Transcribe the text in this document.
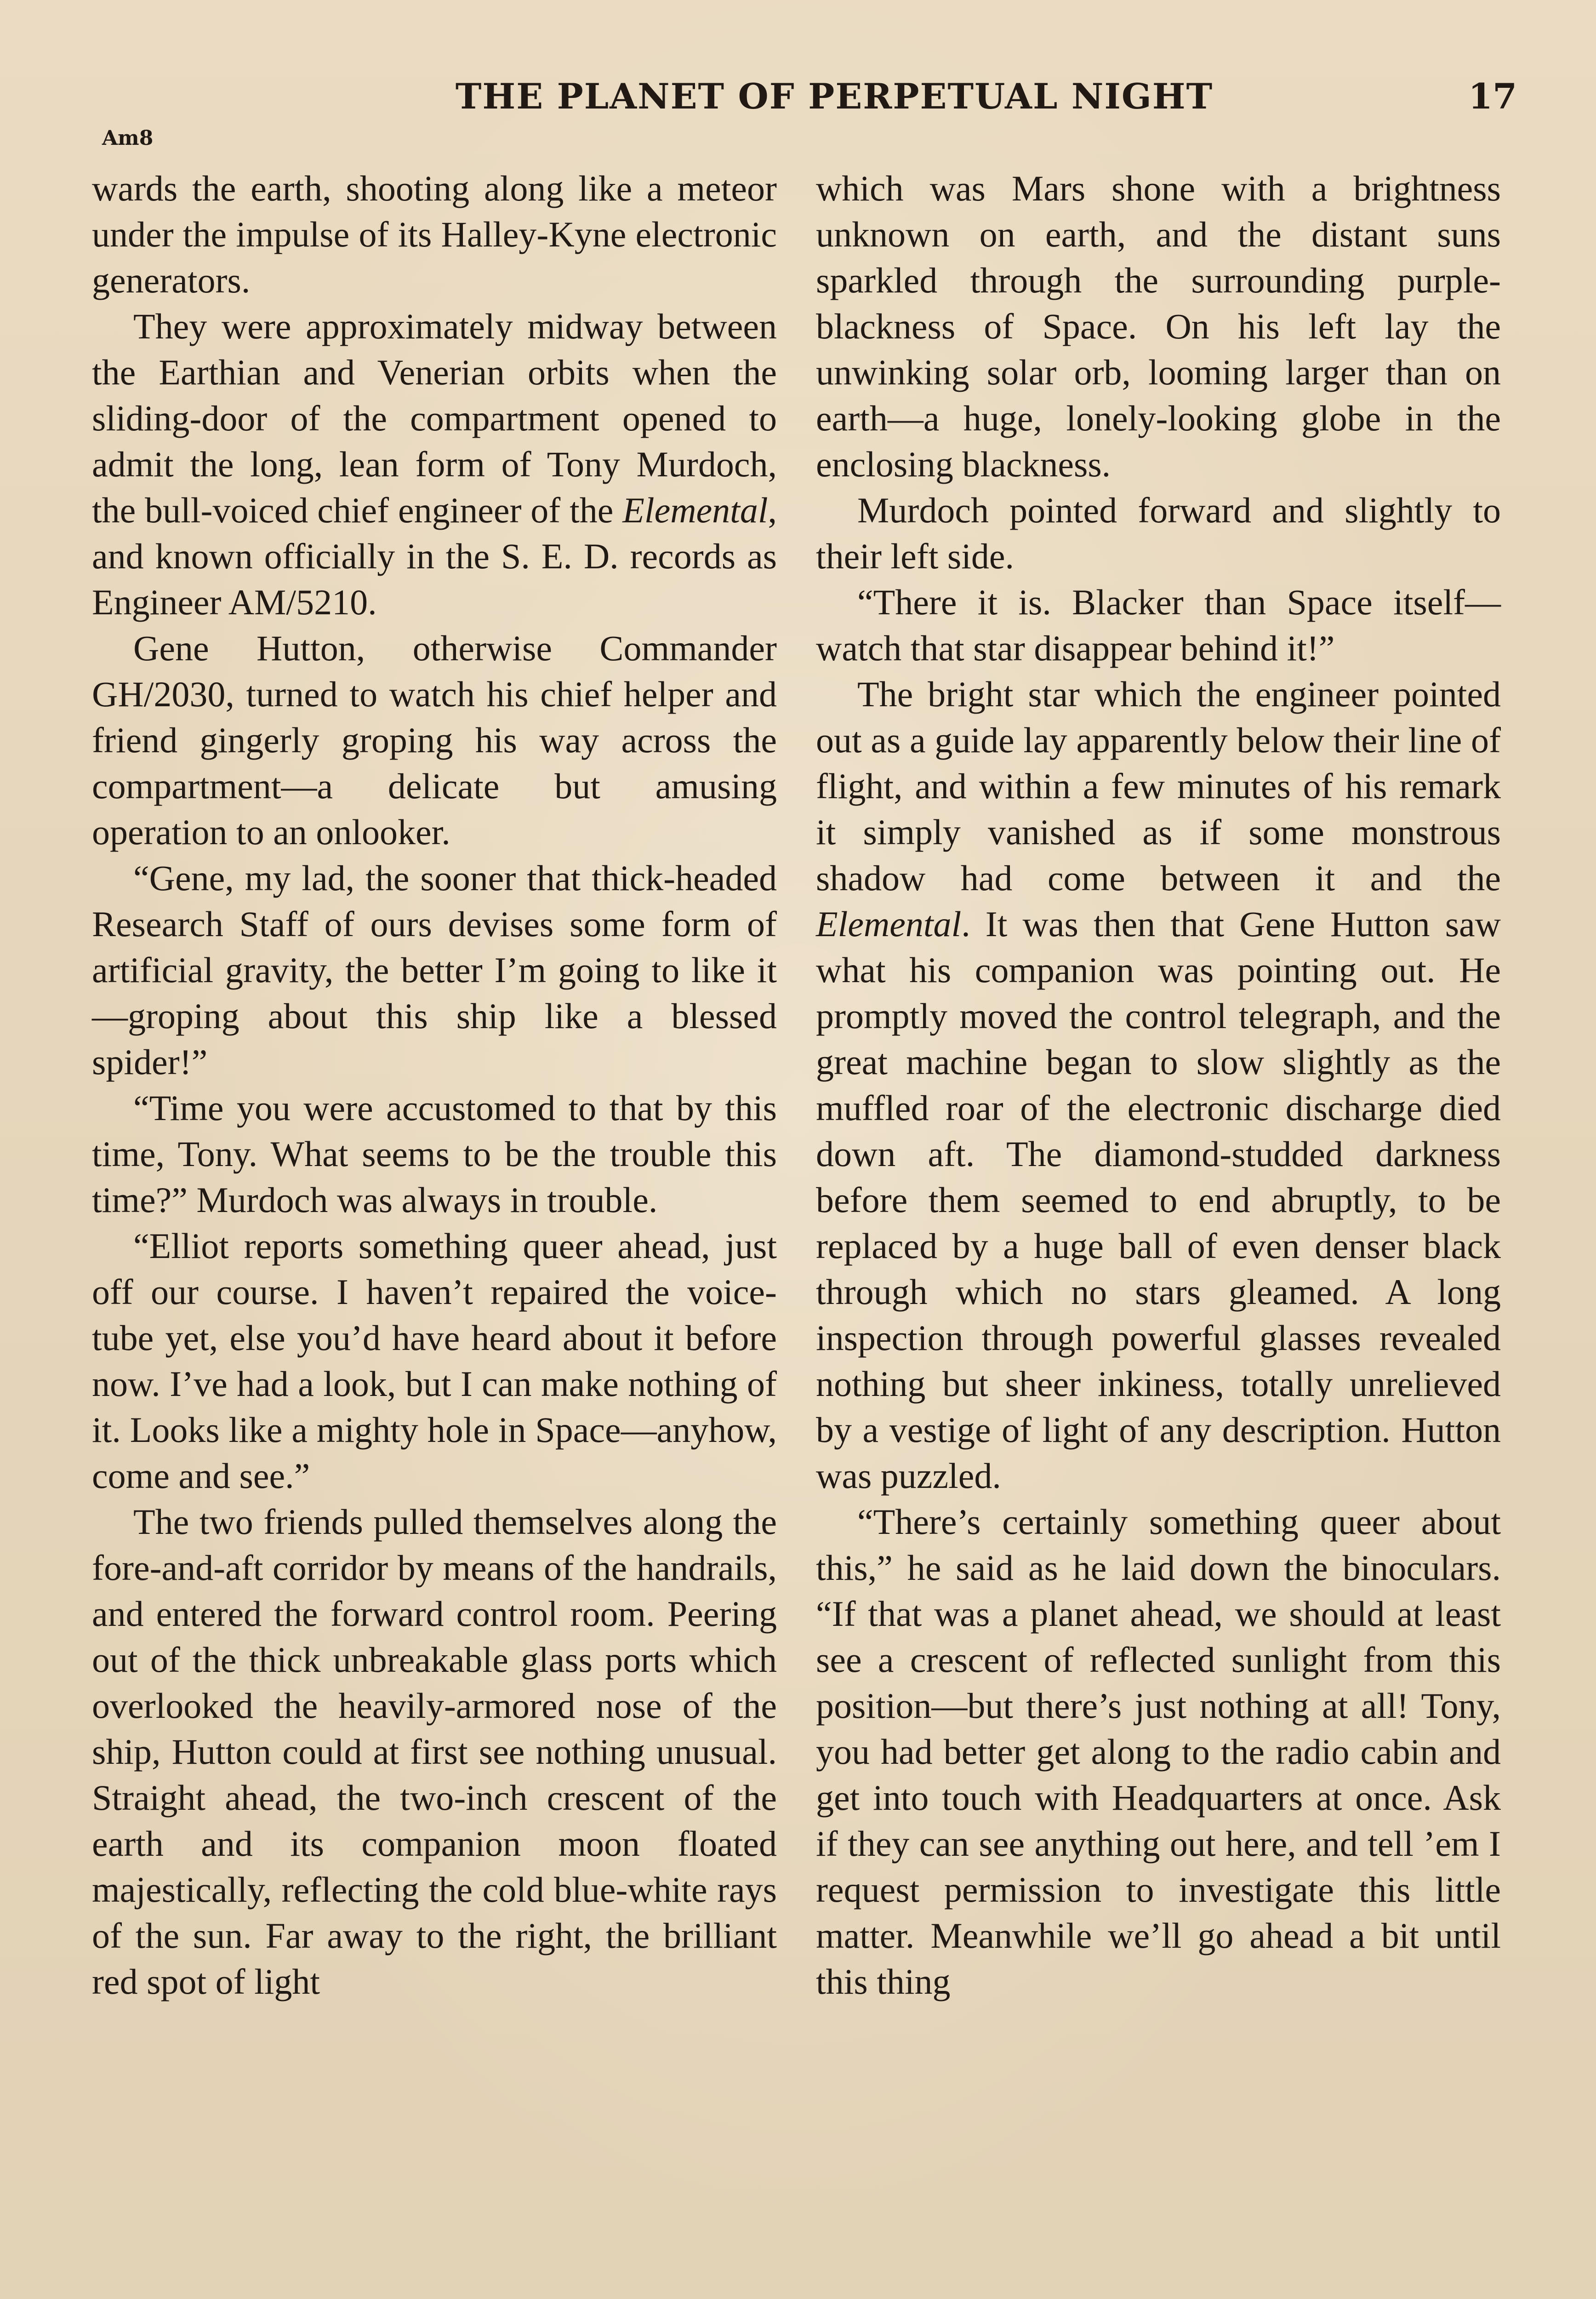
THE PLANET OF PERPETUAL NIGHT	17
Am8

wards the earth, shooting along like a meteor under the impulse of its Halley-Kyne electronic generators.

They were approximately midway between the Earthian and Venerian orbits when the sliding-door of the compartment opened to admit the long, lean form of Tony Murdoch, the bull-voiced chief engineer of the Elemental, and known officially in the S. E. D. records as Engineer AM/5210.

Gene Hutton, otherwise Commander GH/2030, turned to watch his chief helper and friend gingerly groping his way across the compartment—a delicate but amusing operation to an onlooker.

“Gene, my lad, the sooner that thick-headed Research Staff of ours devises some form of artificial gravity, the better I’m going to like it—groping about this ship like a blessed spider!”

“Time you were accustomed to that by this time, Tony. What seems to be the trouble this time?” Murdoch was always in trouble.

“Elliot reports something queer ahead, just off our course. I haven’t repaired the voice-tube yet, else you’d have heard about it before now. I’ve had a look, but I can make nothing of it. Looks like a mighty hole in Space—anyhow, come and see.”

The two friends pulled themselves along the fore-and-aft corridor by means of the handrails, and entered the forward control room. Peering out of the thick unbreakable glass ports which overlooked the heavily-armored nose of the ship, Hutton could at first see nothing unusual. Straight ahead, the two-inch crescent of the earth and its companion moon floated majestically, reflecting the cold blue-white rays of the sun. Far away to the right, the brilliant red spot of light

which was Mars shone with a brightness unknown on earth, and the distant suns sparkled through the surrounding purple-blackness of Space. On his left lay the unwinking solar orb, looming larger than on earth—a huge, lonely-looking globe in the enclosing blackness.

Murdoch pointed forward and slightly to their left side.

“There it is. Blacker than Space itself—watch that star disappear behind it!”

The bright star which the engineer pointed out as a guide lay apparently below their line of flight, and within a few minutes of his remark it simply vanished as if some monstrous shadow had come between it and the Elemental. It was then that Gene Hutton saw what his companion was pointing out. He promptly moved the control telegraph, and the great machine began to slow slightly as the muffled roar of the electronic discharge died down aft. The diamond-studded darkness before them seemed to end abruptly, to be replaced by a huge ball of even denser black through which no stars gleamed. A long inspection through powerful glasses revealed nothing but sheer inkiness, totally unrelieved by a vestige of light of any description. Hutton was puzzled.

“There’s certainly something queer about this,” he said as he laid down the binoculars. “If that was a planet ahead, we should at least see a crescent of reflected sunlight from this position—but there’s just nothing at all! Tony, you had better get along to the radio cabin and get into touch with Headquarters at once. Ask if they can see anything out here, and tell ’em I request permission to investigate this little matter. Meanwhile we’ll go ahead a bit until this thing
